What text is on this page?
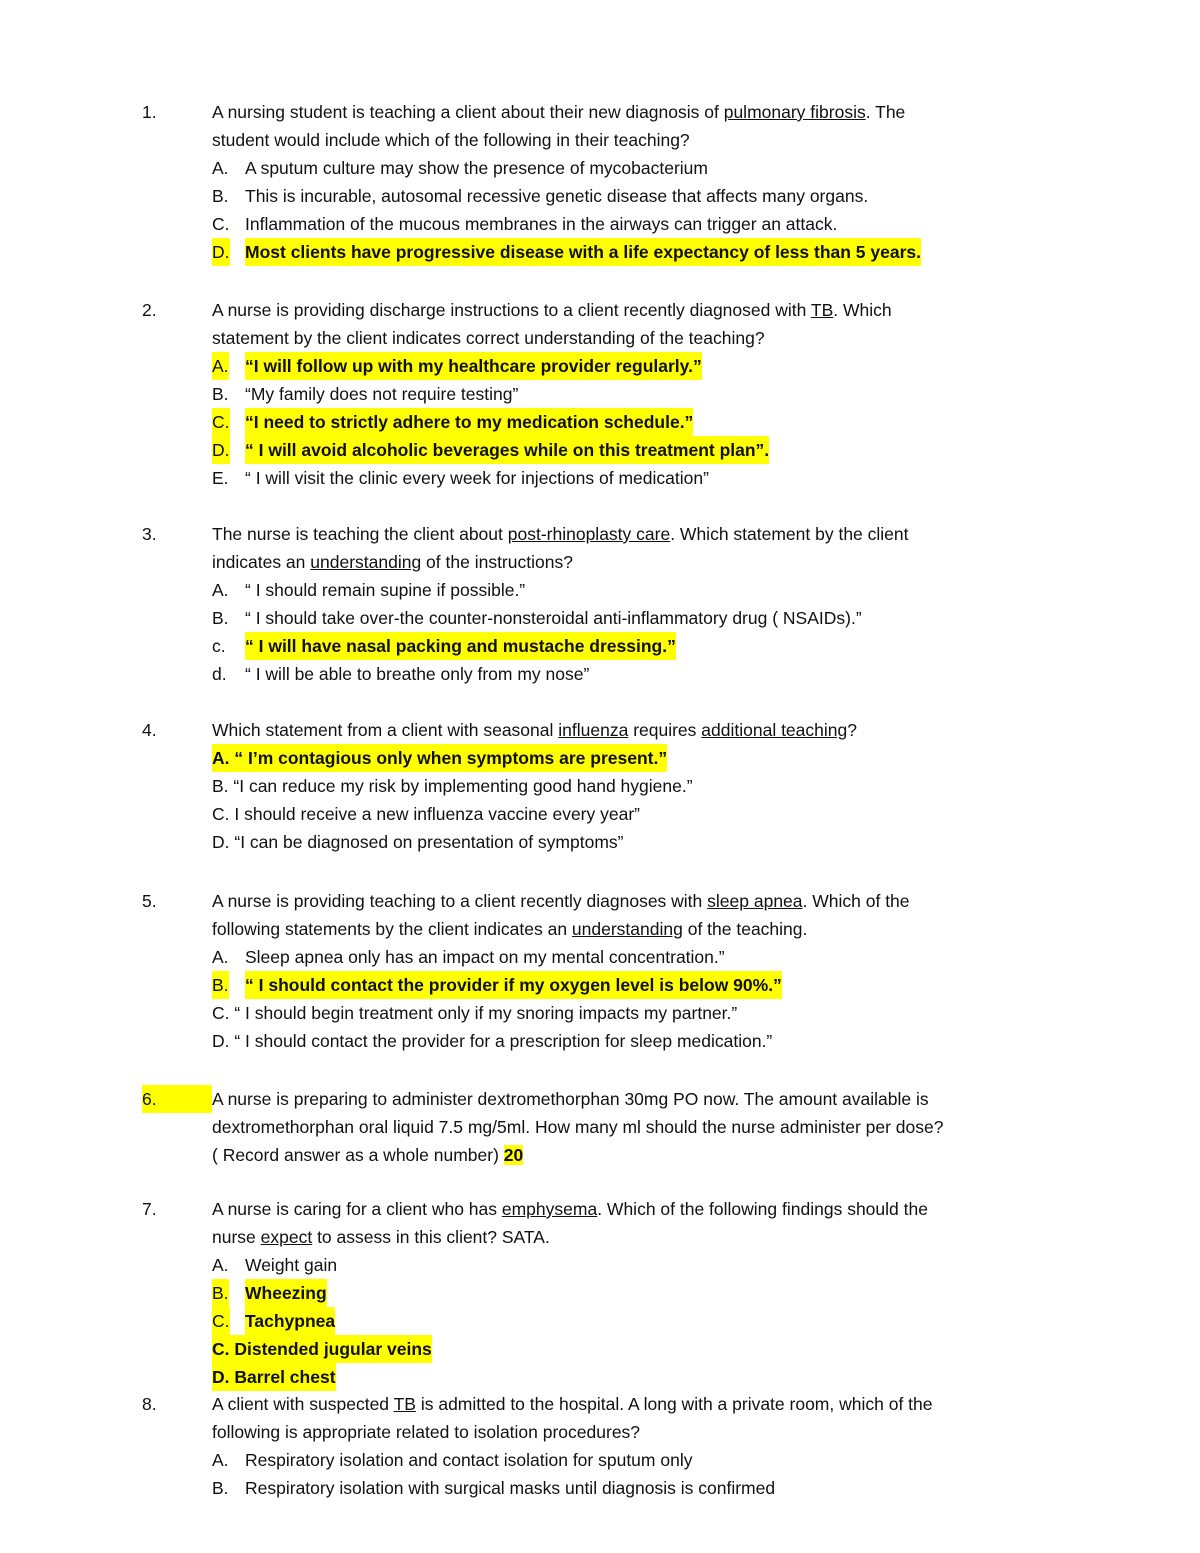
1.	A nursing student is teaching a client about their new diagnosis of pulmonary fibrosis. The
student would include which of the following in their teaching?
A. A sputum culture may show the presence of mycobacterium
B. This is incurable, autosomal recessive genetic disease that affects many organs.
C. Inflammation of the mucous membranes in the airways can trigger an attack.
D. Most clients have progressive disease with a life expectancy of less than 5 years.
2.	A nurse is providing discharge instructions to a client recently diagnosed with TB. Which
statement by the client indicates correct understanding of the teaching?
A. “I will follow up with my healthcare provider regularly.”
B. “My family does not require testing”
C. “I need to strictly adhere to my medication schedule.”
D. “ I will avoid alcoholic beverages while on this treatment plan”.
E. “ I will visit the clinic every week for injections of medication”
3.	The nurse is teaching the client about post-rhinoplasty care. Which statement by the client
indicates an understanding of the instructions?
A. “ I should remain supine if possible.”
B. “ I should take over-the counter-nonsteroidal anti-inflammatory drug ( NSAIDs).”
c. “ I will have nasal packing and mustache dressing.”
d. “ I will be able to breathe only from my nose”
4.	Which statement from a client with seasonal influenza requires additional teaching?
A. “ I’m contagious only when symptoms are present.”
B. “I can reduce my risk by implementing good hand hygiene.”
C. I should receive a new influenza vaccine every year”
D. “I can be diagnosed on presentation of symptoms”
5.	A nurse is providing teaching to a client recently diagnoses with sleep apnea. Which of the
following statements by the client indicates an understanding of the teaching.
A. Sleep apnea only has an impact on my mental concentration.”
B. “ I should contact the provider if my oxygen level is below 90%.”
C. “ I should begin treatment only if my snoring impacts my partner.”
D. “ I should contact the provider for a prescription for sleep medication.”
6.	A nurse is preparing to administer dextromethorphan 30mg PO now. The amount available is
dextromethorphan oral liquid 7.5 mg/5ml. How many ml should the nurse administer per dose?
( Record answer as a whole number) 20
7.	A nurse is caring for a client who has emphysema. Which of the following findings should the
nurse expect to assess in this client? SATA.
A. Weight gain
B. Wheezing
C. Tachypnea
C. Distended jugular veins
D. Barrel chest
8.	A client with suspected TB is admitted to the hospital. A long with a private room, which of the
following is appropriate related to isolation procedures?
A. Respiratory isolation and contact isolation for sputum only
B. Respiratory isolation with surgical masks until diagnosis is confirmed
